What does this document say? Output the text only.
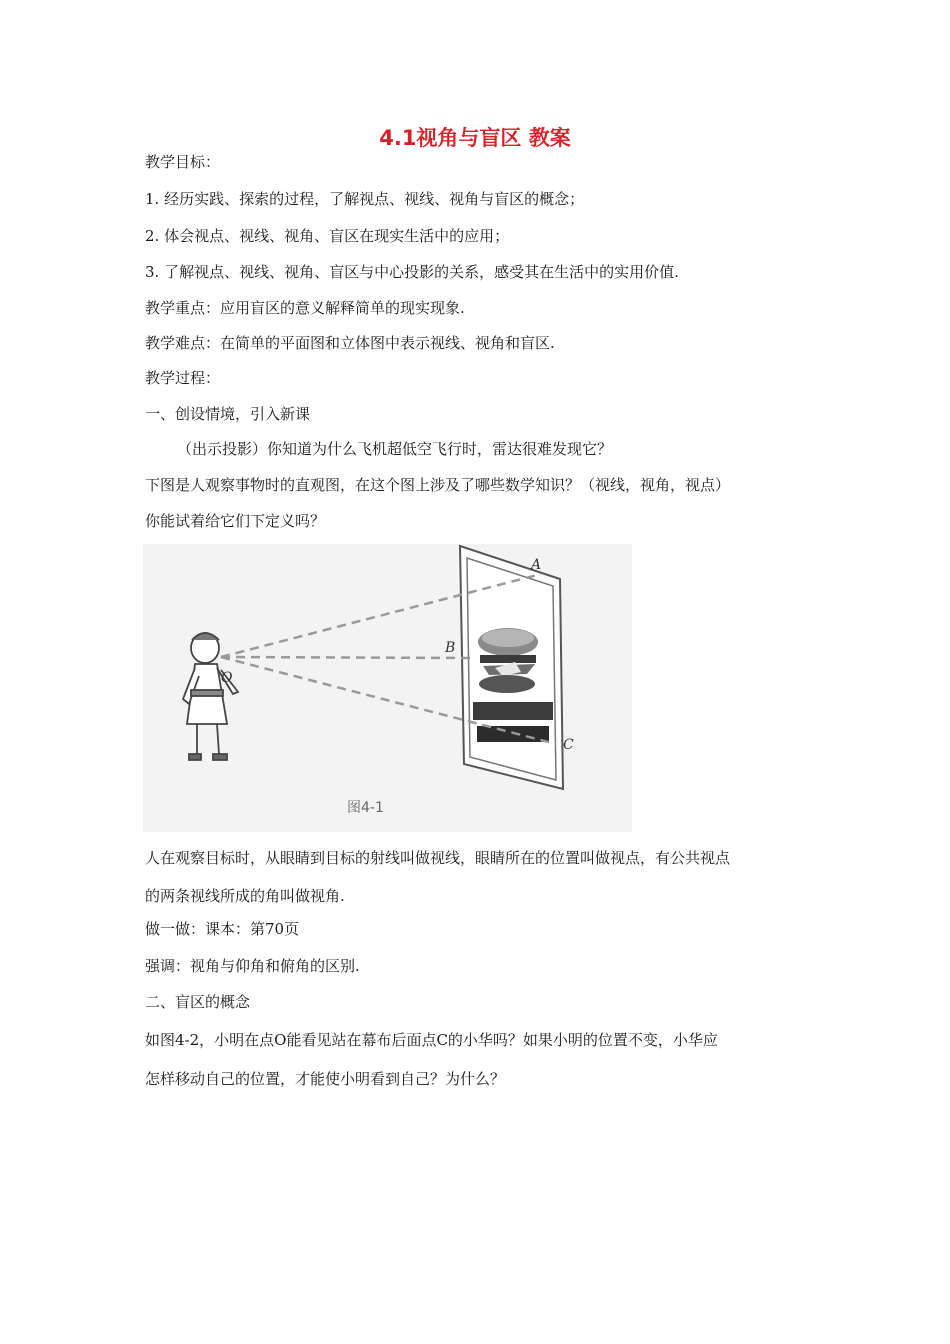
4.1视角与盲区 教案
教学目标：
1. 经历实践、探索的过程，了解视点、视线、视角与盲区的概念；
2. 体会视点、视线、视角、盲区在现实生活中的应用；
3. 了解视点、视线、视角、盲区与中心投影的关系，感受其在生活中的实用价值.
教学重点：应用盲区的意义解释简单的现实现象.
教学难点：在简单的平面图和立体图中表示视线、视角和盲区.
教学过程：
一、创设情境，引入新课
（出示投影）你知道为什么飞机超低空飞行时，雷达很难发现它？
下图是人观察事物时的直观图，在这个图上涉及了哪些数学知识？（视线，视角，视点）
你能试着给它们下定义吗？
A
B
C
O
图4-1
人在观察目标时，从眼睛到目标的射线叫做视线，眼睛所在的位置叫做视点，有公共视点
的两条视线所成的角叫做视角.
做一做：课本：第70页
强调：视角与仰角和俯角的区别.
二、盲区的概念
如图4-2，小明在点O能看见站在幕布后面点C的小华吗？如果小明的位置不变，小华应
怎样移动自己的位置，才能使小明看到自己？为什么？
